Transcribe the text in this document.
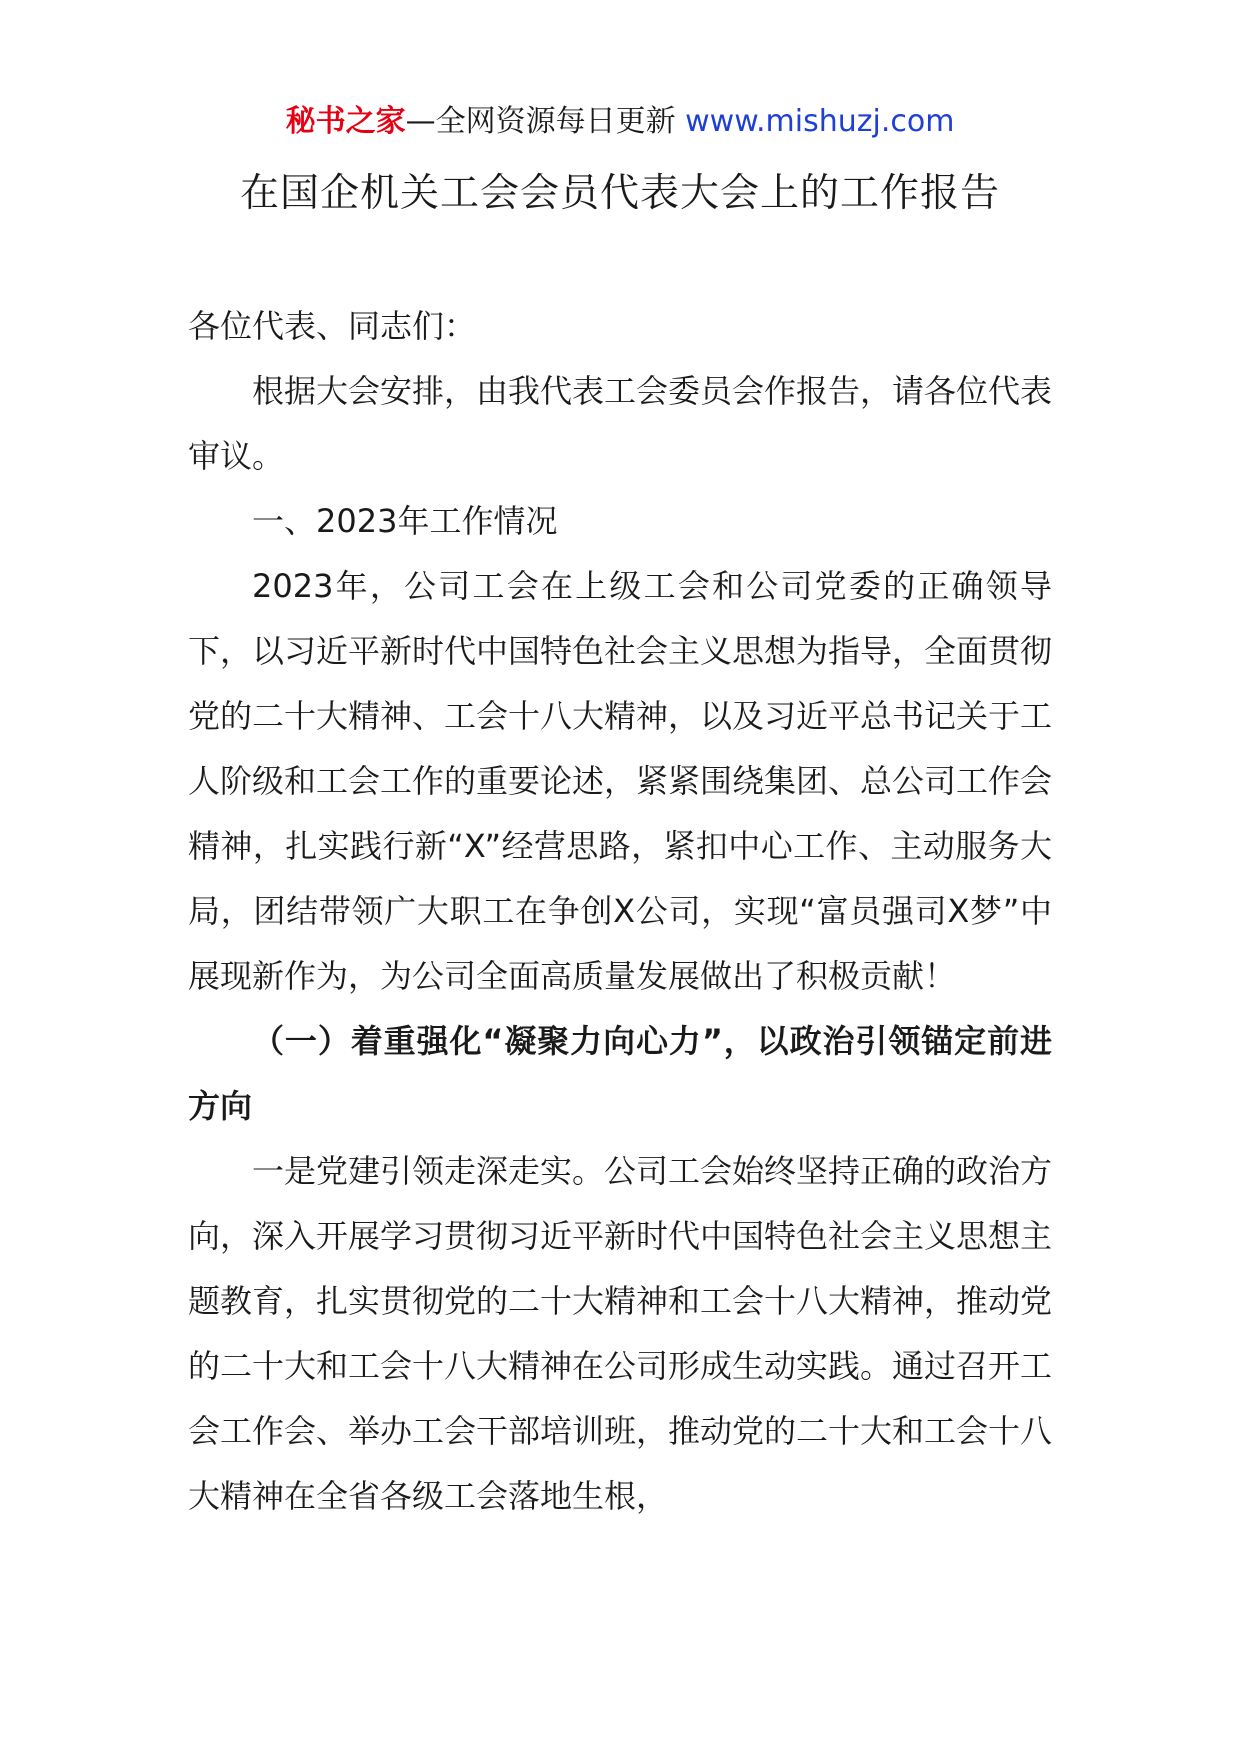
秘书之家—全网资源每日更新 www.mishuzj.com
在国企机关工会会员代表大会上的工作报告

各位代表、同志们：

根据大会安排，由我代表工会委员会作报告，请各位代表审议。

一、2023年工作情况

2023年，公司工会在上级工会和公司党委的正确领导下，以习近平新时代中国特色社会主义思想为指导，全面贯彻党的二十大精神、工会十八大精神，以及习近平总书记关于工人阶级和工会工作的重要论述，紧紧围绕集团、总公司工作会精神，扎实践行新“X”经营思路，紧扣中心工作、主动服务大局，团结带领广大职工在争创X公司，实现“富员强司X梦”中展现新作为，为公司全面高质量发展做出了积极贡献！

（一）着重强化“凝聚力向心力”，以政治引领锚定前进方向

一是党建引领走深走实。公司工会始终坚持正确的政治方向，深入开展学习贯彻习近平新时代中国特色社会主义思想主题教育，扎实贯彻党的二十大精神和工会十八大精神，推动党的二十大和工会十八大精神在公司形成生动实践。通过召开工会工作会、举办工会干部培训班，推动党的二十大和工会十八大精神在全省各级工会落地生根，
